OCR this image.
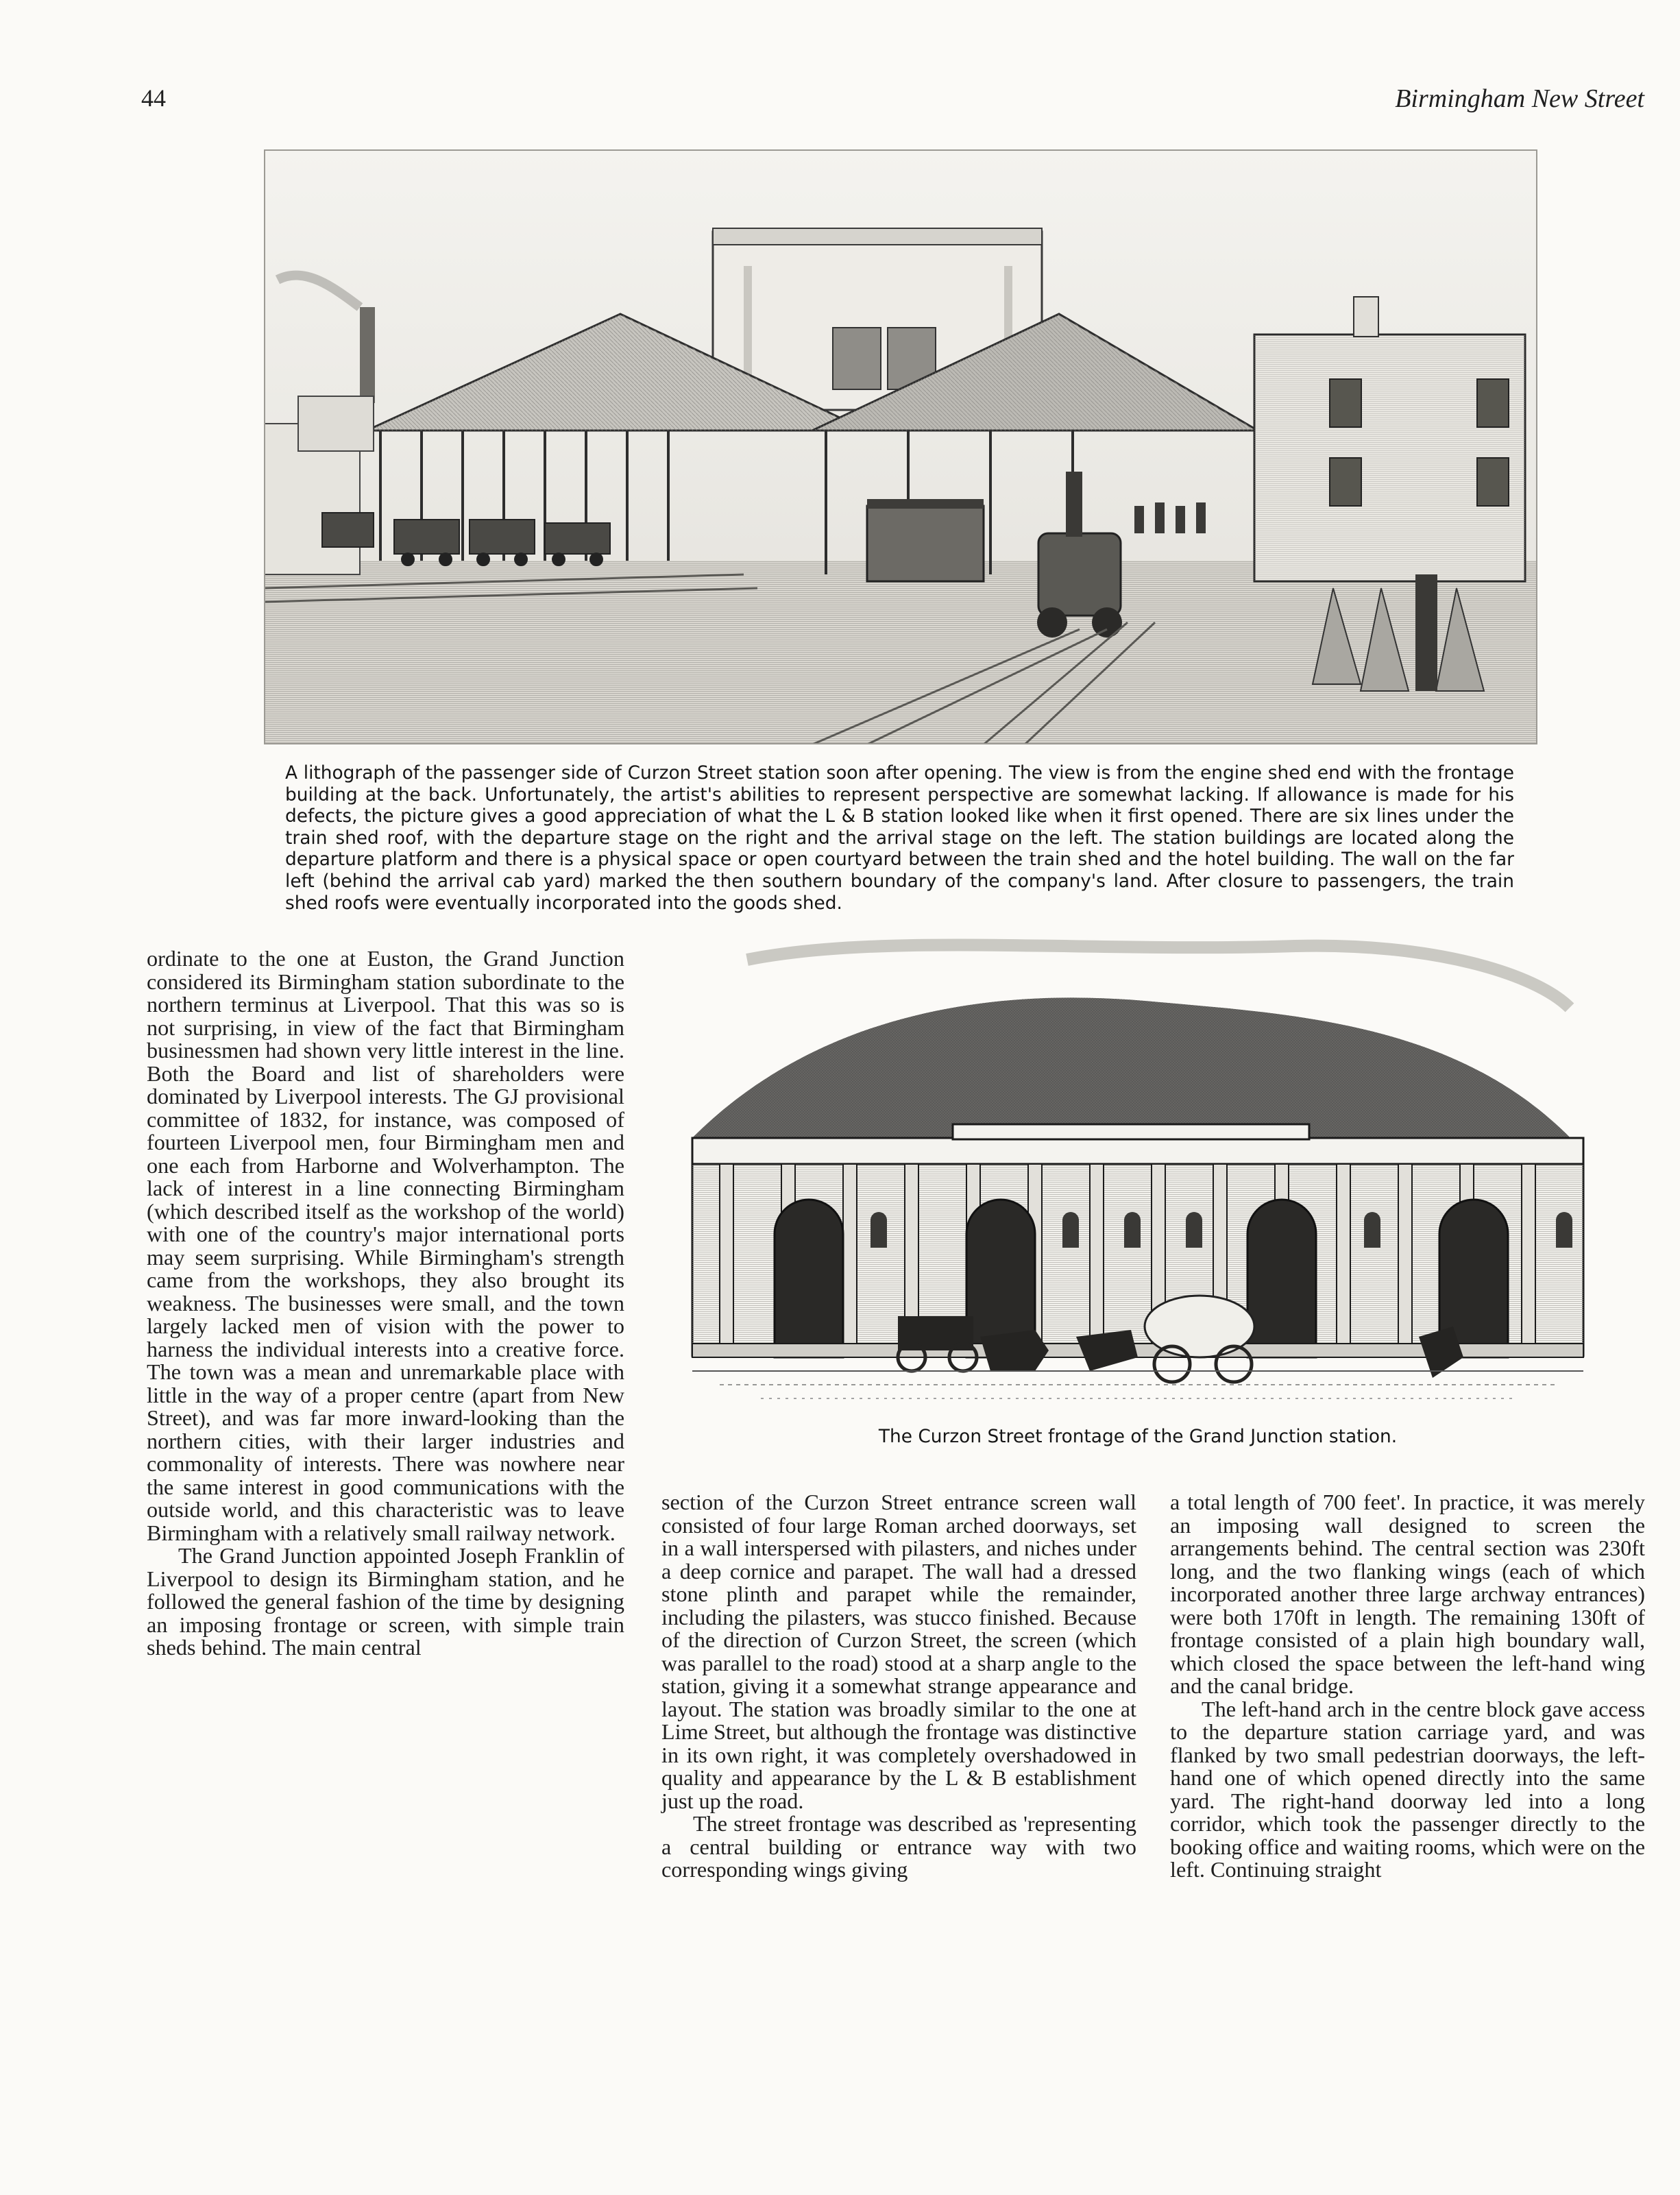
44	Birmingham New Street
A lithograph of the passenger side of Curzon Street station soon after opening. The view is from the engine shed end with the frontage building at the back. Unfortunately, the artist's abilities to represent perspective are somewhat lacking. If allowance is made for his defects, the picture gives a good appreciation of what the L & B station looked like when it first opened. There are six lines under the train shed roof, with the departure stage on the right and the arrival stage on the left. The station buildings are located along the departure platform and there is a physical space or open courtyard between the train shed and the hotel building. The wall on the far left (behind the arrival cab yard) marked the then southern boundary of the company's land. After closure to passengers, the train shed roofs were eventually incorporated into the goods shed.
The Curzon Street frontage of the Grand Junction station.

ordinate to the one at Euston, the Grand Junction considered its Birmingham station subordinate to the northern terminus at Liverpool. That this was so is not surprising, in view of the fact that Birmingham businessmen had shown very little interest in the line. Both the Board and list of shareholders were dominated by Liverpool interests. The GJ provisional committee of 1832, for instance, was composed of fourteen Liverpool men, four Birmingham men and one each from Harborne and Wolverhampton. The lack of interest in a line connecting Birmingham (which described itself as the workshop of the world) with one of the country's major international ports may seem surprising. While Birmingham's strength came from the workshops, they also brought its weakness. The businesses were small, and the town largely lacked men of vision with the power to harness the individual interests into a creative force. The town was a mean and unremarkable place with little in the way of a proper centre (apart from New Street), and was far more inward-looking than the northern cities, with their larger industries and commonality of interests. There was nowhere near the same interest in good communications with the outside world, and this characteristic was to leave Birmingham with a relatively small railway network.

The Grand Junction appointed Joseph Franklin of Liverpool to design its Birmingham station, and he followed the general fashion of the time by designing an imposing frontage or screen, with simple train sheds behind. The main central

section of the Curzon Street entrance screen wall consisted of four large Roman arched doorways, set in a wall interspersed with pilasters, and niches under a deep cornice and parapet. The wall had a dressed stone plinth and parapet while the remainder, including the pilasters, was stucco finished. Because of the direction of Curzon Street, the screen (which was parallel to the road) stood at a sharp angle to the station, giving it a somewhat strange appearance and layout. The station was broadly similar to the one at Lime Street, but although the frontage was distinctive in its own right, it was completely overshadowed in quality and appearance by the L & B establishment just up the road.

The street frontage was described as 'representing a central building or entrance way with two corresponding wings giving

a total length of 700 feet'. In practice, it was merely an imposing wall designed to screen the arrangements behind. The central section was 230ft long, and the two flanking wings (each of which incorporated another three large archway entrances) were both 170ft in length. The remaining 130ft of frontage consisted of a plain high boundary wall, which closed the space between the left-hand wing and the canal bridge.

The left-hand arch in the centre block gave access to the departure station carriage yard, and was flanked by two small pedestrian doorways, the left-hand one of which opened directly into the same yard. The right-hand doorway led into a long corridor, which took the passenger directly to the booking office and waiting rooms, which were on the left. Continuing straight
